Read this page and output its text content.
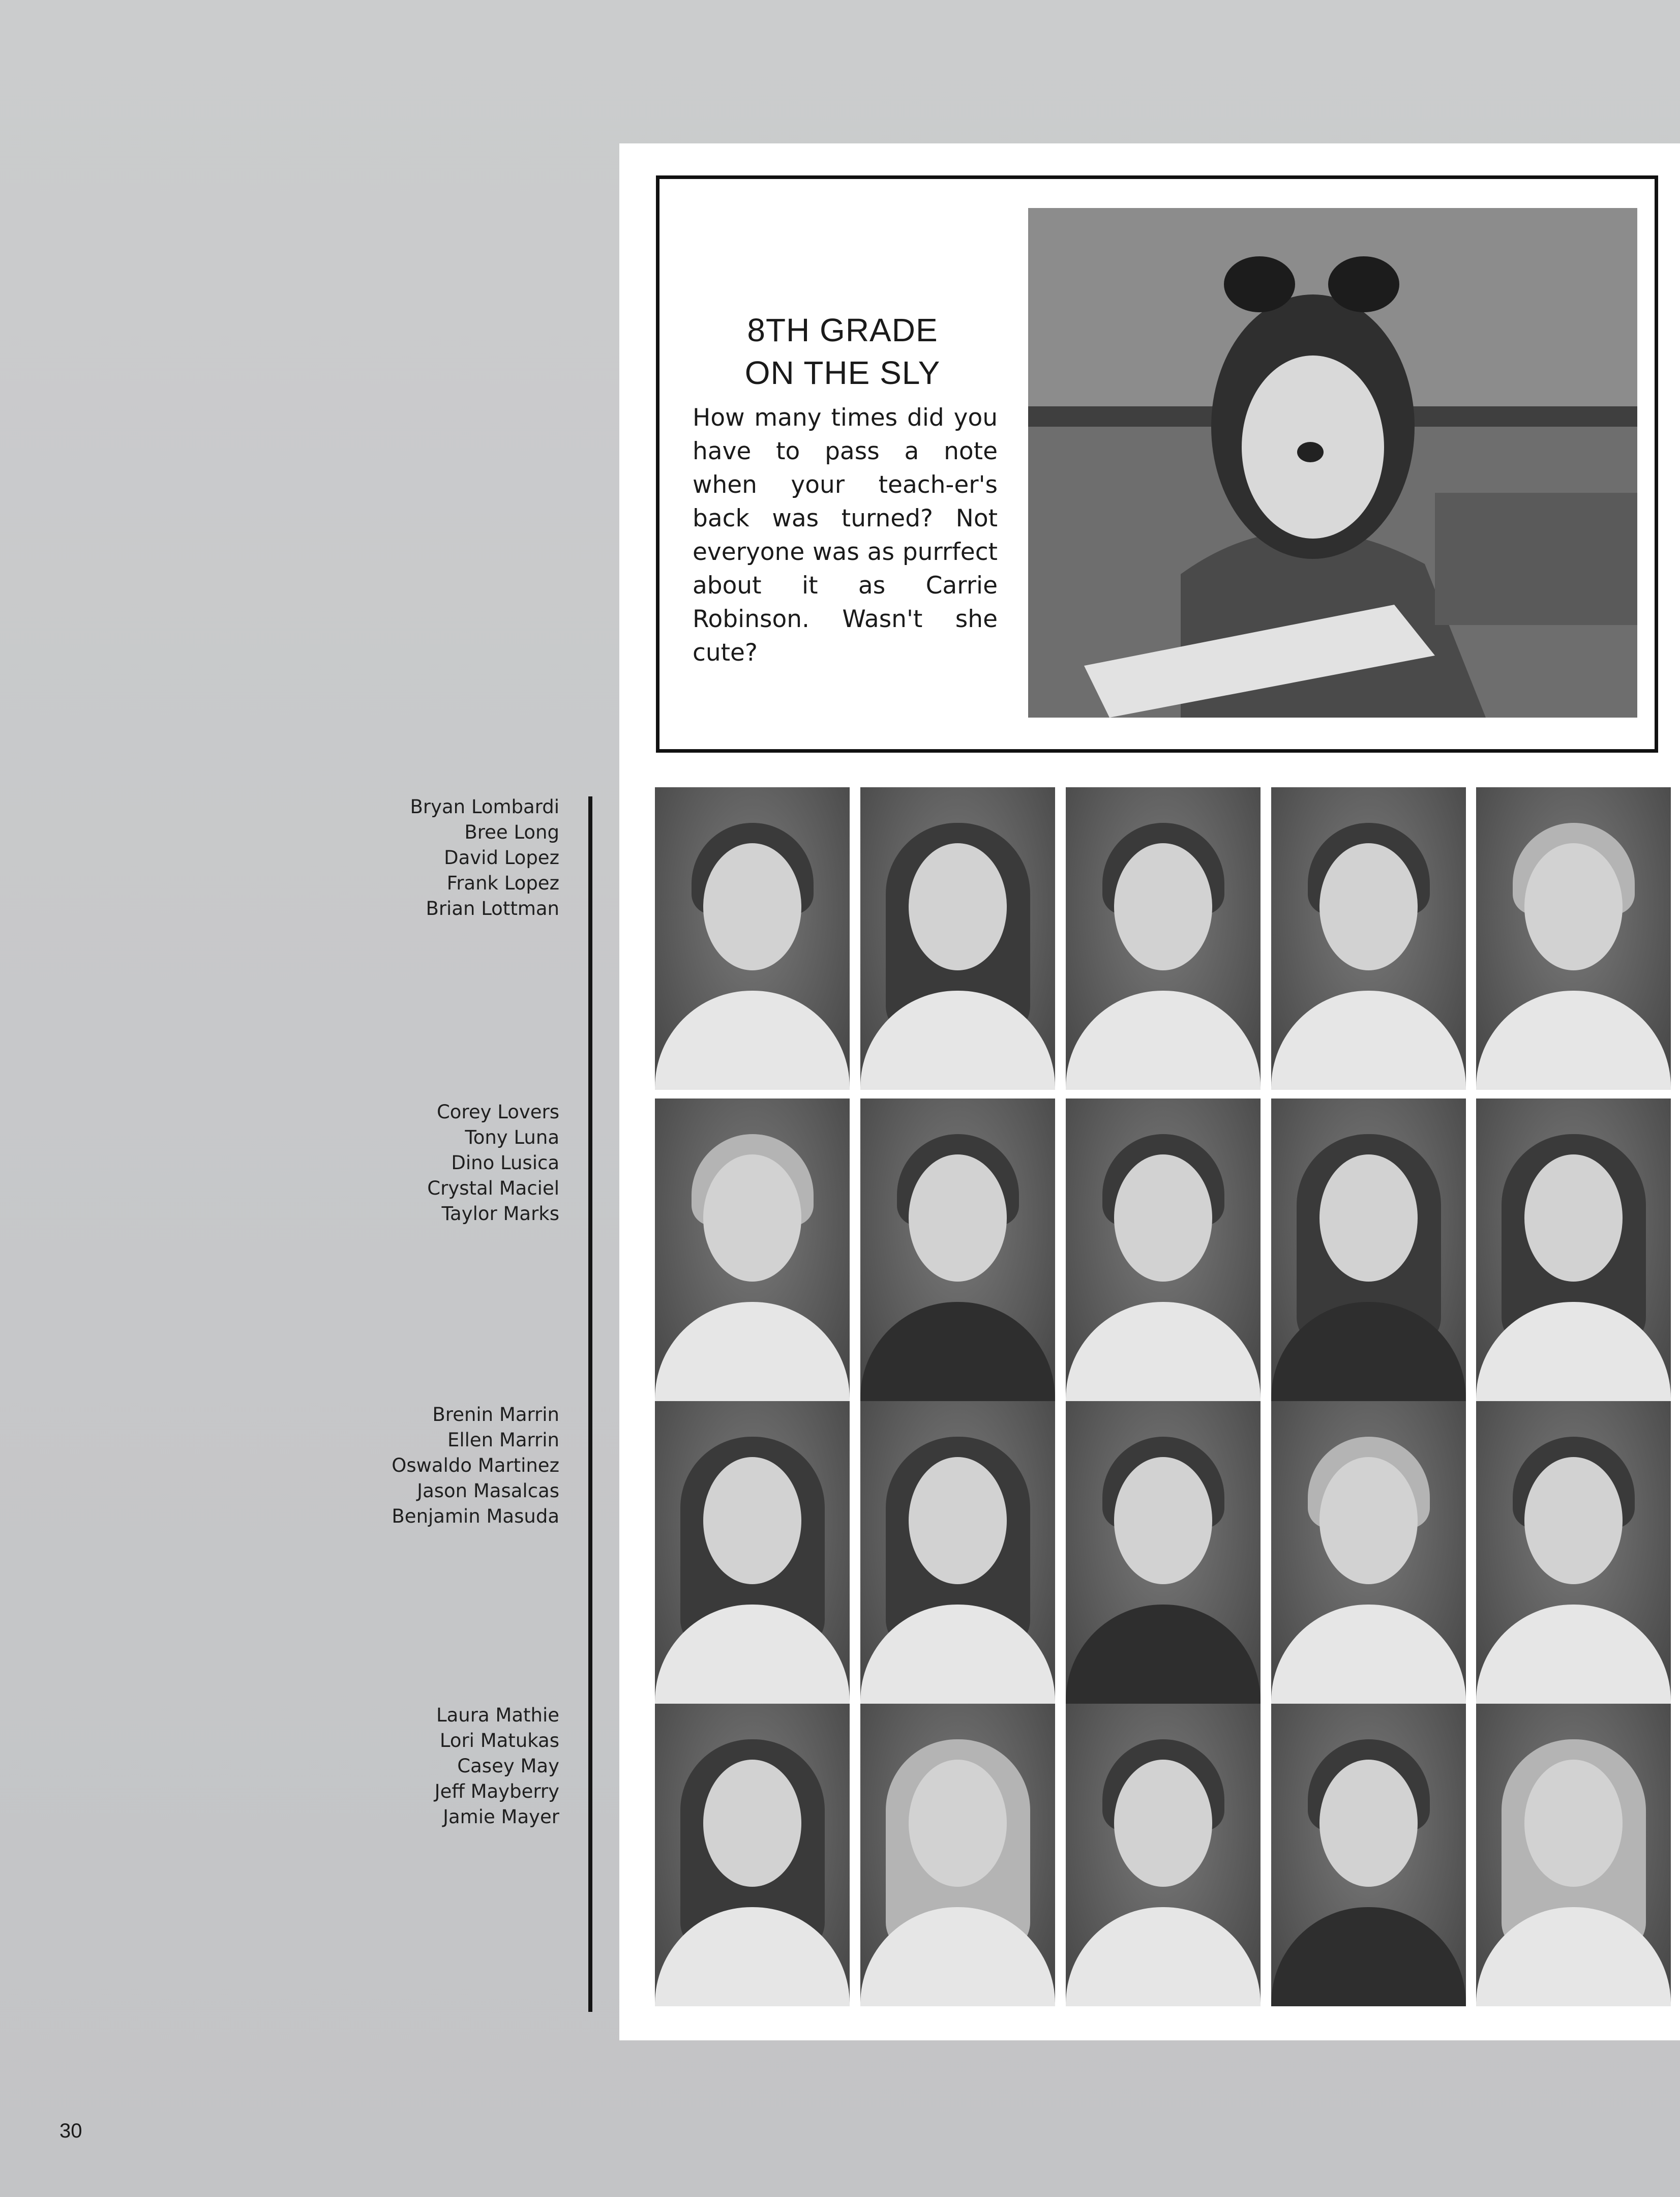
8TH GRADE
ON THE SLY

How many times did you have to pass a note when your teach-er's back was turned? Not everyone was as purrfect about it as Carrie Robinson. Wasn't she cute?

Bryan Lombardi
Bree Long
David Lopez
Frank Lopez
Brian Lottman
Corey Lovers
Tony Luna
Dino Lusica
Crystal Maciel
Taylor Marks
Brenin Marrin
Ellen Marrin
Oswaldo Martinez
Jason Masalcas
Benjamin Masuda
Laura Mathie
Lori Matukas
Casey May
Jeff Mayberry
Jamie Mayer

30
